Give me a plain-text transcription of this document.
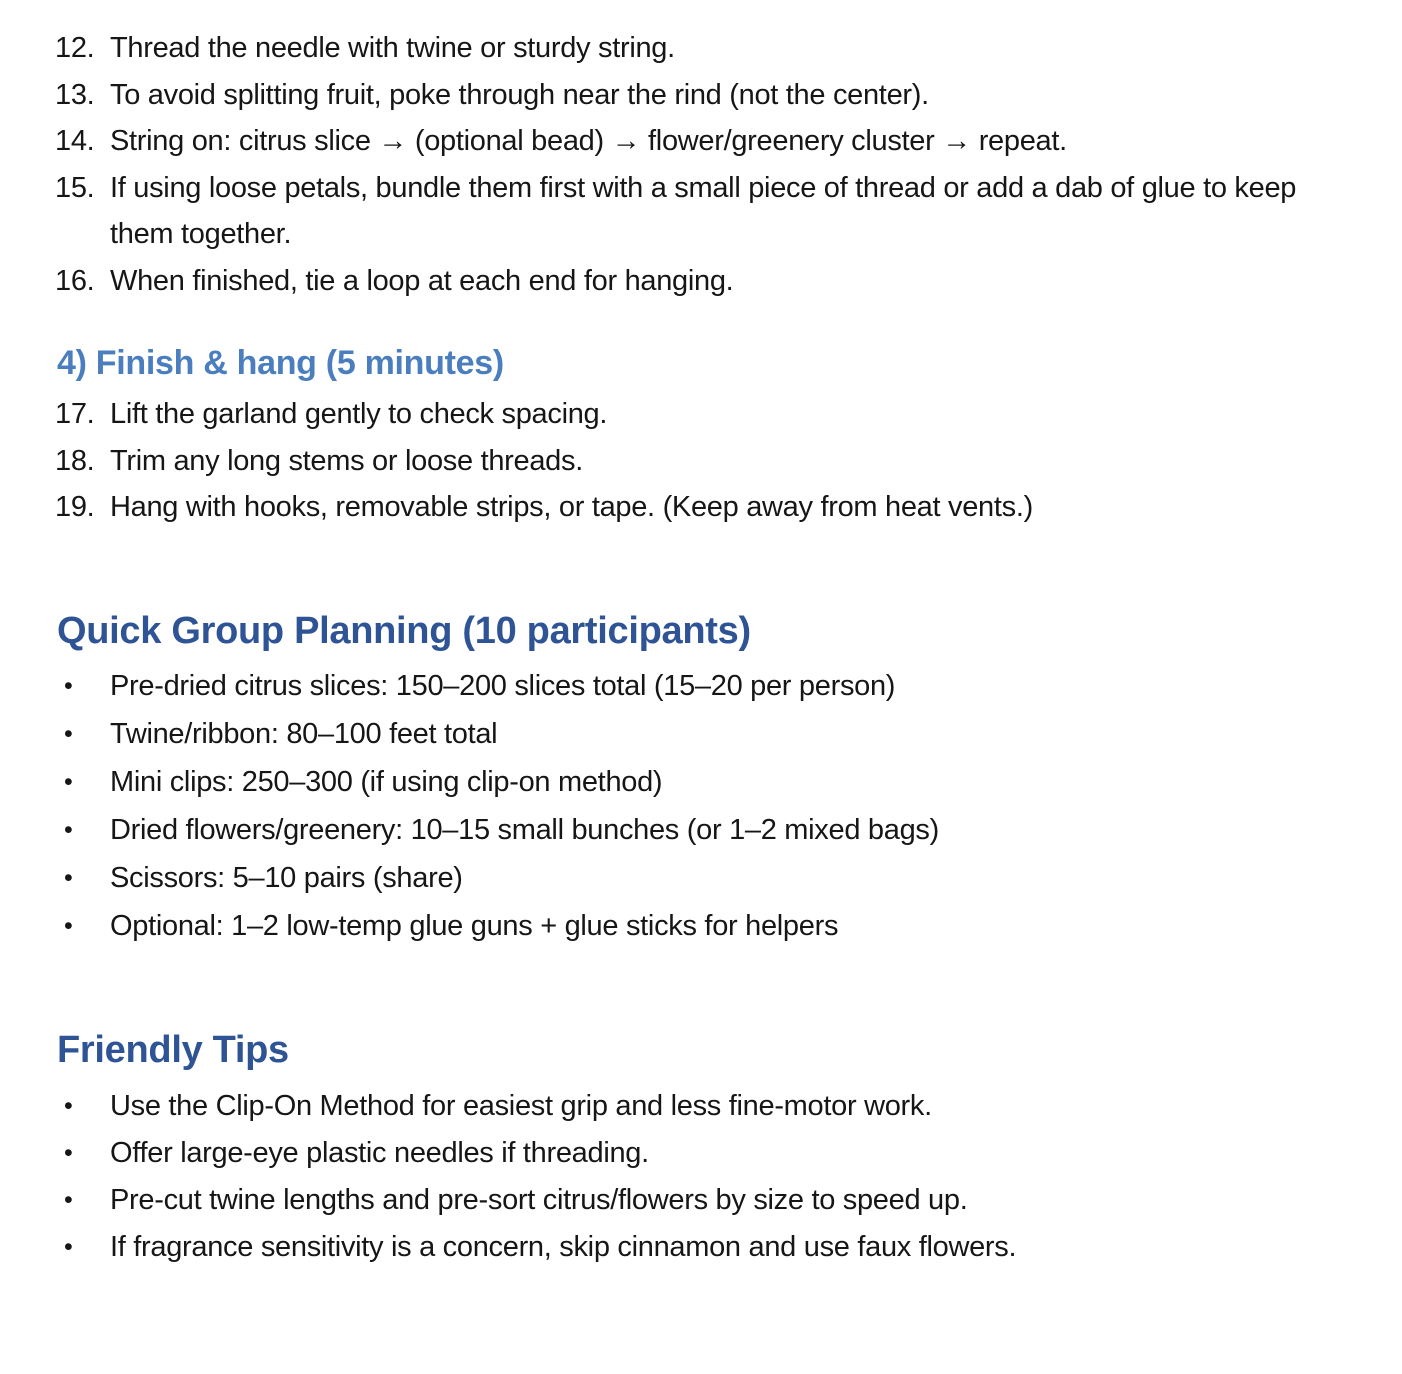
12. Thread the needle with twine or sturdy string.
13. To avoid splitting fruit, poke through near the rind (not the center).
14. String on: citrus slice → (optional bead) → flower/greenery cluster → repeat.
15. If using loose petals, bundle them first with a small piece of thread or add a dab of glue to keep them together.
16. When finished, tie a loop at each end for hanging.
4) Finish & hang (5 minutes)
17. Lift the garland gently to check spacing.
18. Trim any long stems or loose threads.
19. Hang with hooks, removable strips, or tape. (Keep away from heat vents.)
Quick Group Planning (10 participants)
•	Pre-dried citrus slices: 150–200 slices total (15–20 per person)
•	Twine/ribbon: 80–100 feet total
•	Mini clips: 250–300 (if using clip-on method)
•	Dried flowers/greenery: 10–15 small bunches (or 1–2 mixed bags)
•	Scissors: 5–10 pairs (share)
•	Optional: 1–2 low-temp glue guns + glue sticks for helpers
Friendly Tips
•	Use the Clip-On Method for easiest grip and less fine-motor work.
•	Offer large-eye plastic needles if threading.
•	Pre-cut twine lengths and pre-sort citrus/flowers by size to speed up.
•	If fragrance sensitivity is a concern, skip cinnamon and use faux flowers.
